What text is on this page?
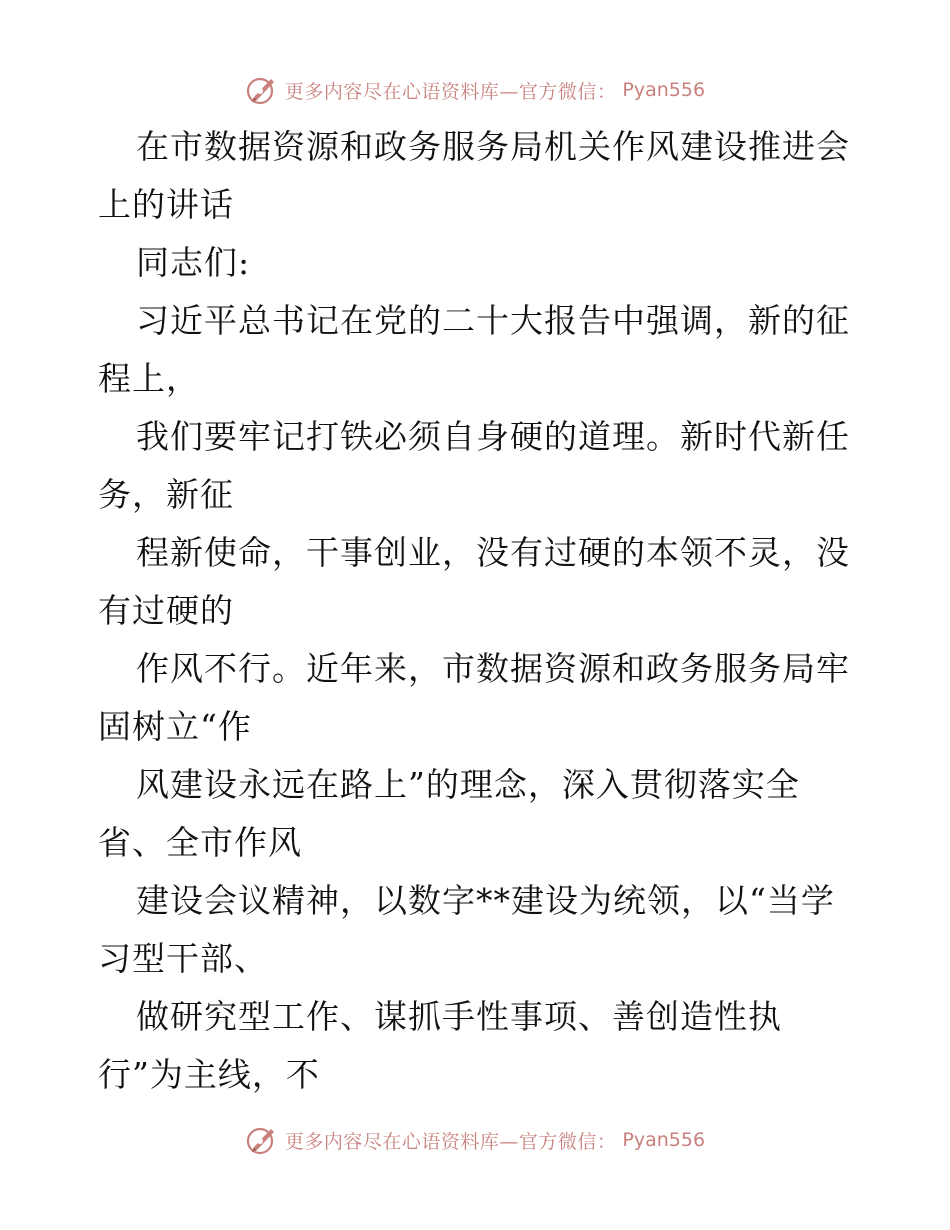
更多内容尽在心语资料库—官方微信： Pyan556
在市数据资源和政务服务局机关作风建设推进会
上的讲话
同志们:
习近平总书记在党的二十大报告中强调，新的征
程上，
我们要牢记打铁必须自身硬的道理。新时代新任
务，新征
程新使命，干事创业，没有过硬的本领不灵，没
有过硬的
作风不行。近年来，市数据资源和政务服务局牢
固树立“作
风建设永远在路上”的理念，深入贯彻落实全
省、全市作风
建设会议精神，以数字**建设为统领，以“当学
习型干部、
做研究型工作、谋抓手性事项、善创造性执
行”为主线，不
更多内容尽在心语资料库—官方微信： Pyan556
